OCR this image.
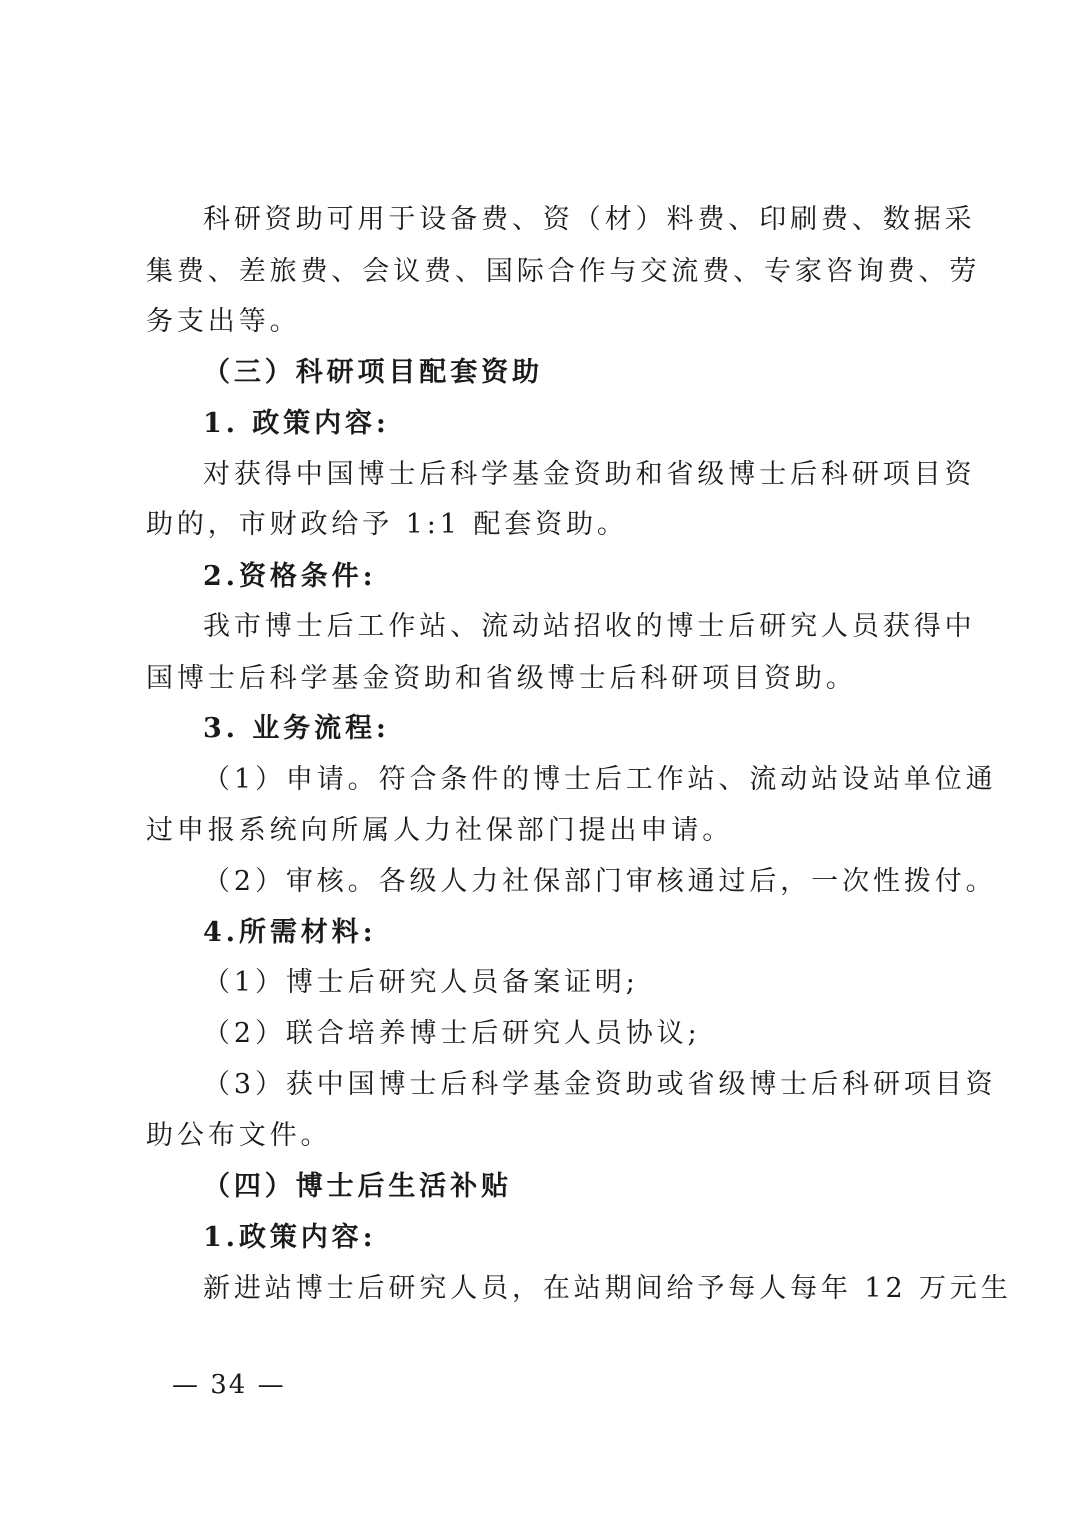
科研资助可用于设备费、资（材）料费、印刷费、数据采
集费、差旅费、会议费、国际合作与交流费、专家咨询费、劳
务支出等。
（三）科研项目配套资助
1. 政策内容:
对获得中国博士后科学基金资助和省级博士后科研项目资
助的，市财政给予 1:1 配套资助。
2.资格条件:
我市博士后工作站、流动站招收的博士后研究人员获得中
国博士后科学基金资助和省级博士后科研项目资助。
3. 业务流程:
（1）申请。符合条件的博士后工作站、流动站设站单位通
过申报系统向所属人力社保部门提出申请。
（2）审核。各级人力社保部门审核通过后，一次性拨付。
4.所需材料:
（1）博士后研究人员备案证明;
（2）联合培养博士后研究人员协议;
（3）获中国博士后科学基金资助或省级博士后科研项目资
助公布文件。
（四）博士后生活补贴
1.政策内容:
新进站博士后研究人员，在站期间给予每人每年 12 万元生
— 34 —
